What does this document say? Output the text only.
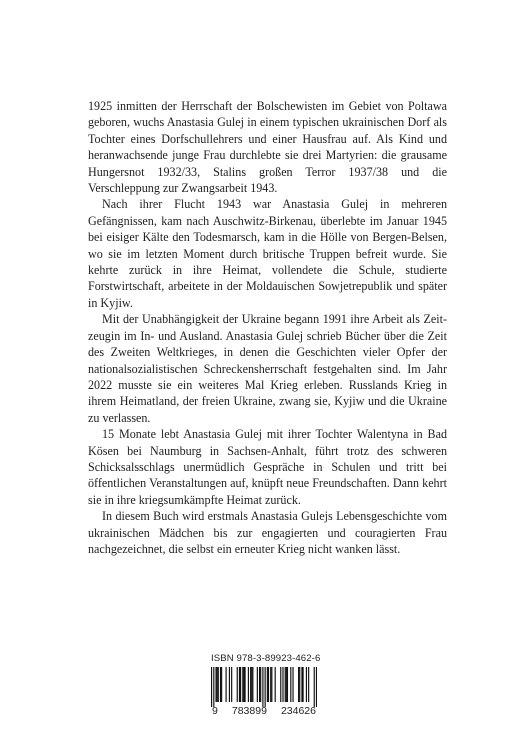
1925 inmitten der Herrschaft der Bolschewisten im Gebiet von Poltawa geboren, wuchs Anastasia Gulej in einem typischen ukrainischen Dorf als Tochter eines Dorfschullehrers und einer Hausfrau auf. Als Kind und heranwachsende junge Frau durchlebte sie drei Martyrien: die grausame Hungersnot 1932/33, Stalins großen Terror 1937/38 und die Verschleppung zur Zwangsarbeit 1943.

Nach ihrer Flucht 1943 war Anastasia Gulej in mehreren Gefängnissen, kam nach Auschwitz-Birkenau, überlebte im Januar 1945 bei eisiger Kälte den Todesmarsch, kam in die Hölle von Bergen-Belsen, wo sie im letzten Moment durch britische Truppen befreit wurde. Sie kehrte zurück in ihre Heimat, vollendete die Schule, studierte Forstwirtschaft, arbeitete in der Moldauischen Sowjetrepublik und später in Kyjiw.

Mit der Unabhängigkeit der Ukraine begann 1991 ihre Arbeit als Zeitzeugin im In- und Ausland. Anastasia Gulej schrieb Bücher über die Zeit des Zweiten Weltkrieges, in denen die Geschichten vieler Opfer der nationalsozialistischen Schreckensherrschaft festgehalten sind. Im Jahr 2022 musste sie ein weiteres Mal Krieg erleben. Russlands Krieg in ihrem Heimatland, der freien Ukraine, zwang sie, Kyjiw und die Ukraine zu verlassen.

15 Monate lebt Anastasia Gulej mit ihrer Tochter Walentyna in Bad Kösen bei Naumburg in Sachsen-Anhalt, führt trotz des schweren Schicksalsschlags unermüdlich Gespräche in Schulen und tritt bei öffentlichen Veranstaltungen auf, knüpft neue Freundschaften. Dann kehrt sie in ihre kriegsumkämpfte Heimat zurück.

In diesem Buch wird erstmals Anastasia Gulejs Lebensgeschichte vom ukrainischen Mädchen bis zur engagierten und couragierten Frau nachgezeichnet, die selbst ein erneuter Krieg nicht wanken lässt.

ISBN 978-3-89923-462-6
9 783899 234626
